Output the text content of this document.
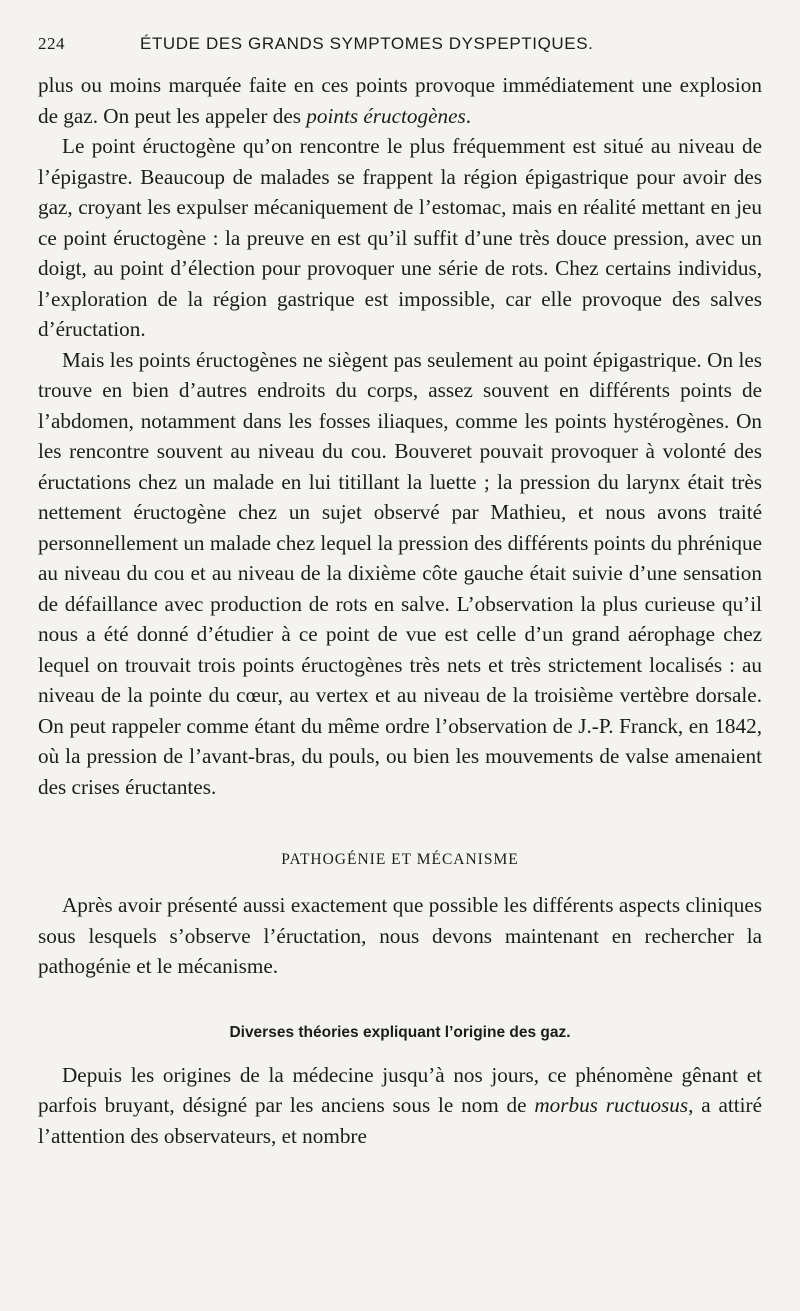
224	ÉTUDE DES GRANDS SYMPTOMES DYSPEPTIQUES.

plus ou moins marquée faite en ces points provoque immédiatement une explosion de gaz. On peut les appeler des points éructogènes.

Le point éructogène qu’on rencontre le plus fréquemment est situé au niveau de l’épigastre. Beaucoup de malades se frappent la région épigastrique pour avoir des gaz, croyant les expulser mécaniquement de l’estomac, mais en réalité mettant en jeu ce point éructogène : la preuve en est qu’il suffit d’une très douce pression, avec un doigt, au point d’élection pour provoquer une série de rots. Chez certains individus, l’exploration de la région gastrique est impossible, car elle provoque des salves d’éructation.

Mais les points éructogènes ne siègent pas seulement au point épigastrique. On les trouve en bien d’autres endroits du corps, assez souvent en différents points de l’abdomen, notamment dans les fosses iliaques, comme les points hystérogènes. On les rencontre souvent au niveau du cou. Bouveret pouvait provoquer à volonté des éructations chez un malade en lui titillant la luette ; la pression du larynx était très nettement éructogène chez un sujet observé par Mathieu, et nous avons traité personnellement un malade chez lequel la pression des différents points du phrénique au niveau du cou et au niveau de la dixième côte gauche était suivie d’une sensation de défaillance avec production de rots en salve. L’observation la plus curieuse qu’il nous a été donné d’étudier à ce point de vue est celle d’un grand aérophage chez lequel on trouvait trois points éructogènes très nets et très strictement localisés : au niveau de la pointe du cœur, au vertex et au niveau de la troisième vertèbre dorsale. On peut rappeler comme étant du même ordre l’observation de J.-P. Franck, en 1842, où la pression de l’avant-bras, du pouls, ou bien les mouvements de valse amenaient des crises éructantes.

PATHOGÉNIE ET MÉCANISME

Après avoir présenté aussi exactement que possible les différents aspects cliniques sous lesquels s’observe l’éructation, nous devons maintenant en rechercher la pathogénie et le mécanisme.

Diverses théories expliquant l’origine des gaz.

Depuis les origines de la médecine jusqu’à nos jours, ce phénomène gênant et parfois bruyant, désigné par les anciens sous le nom de morbus ructuosus, a attiré l’attention des observateurs, et nombre
